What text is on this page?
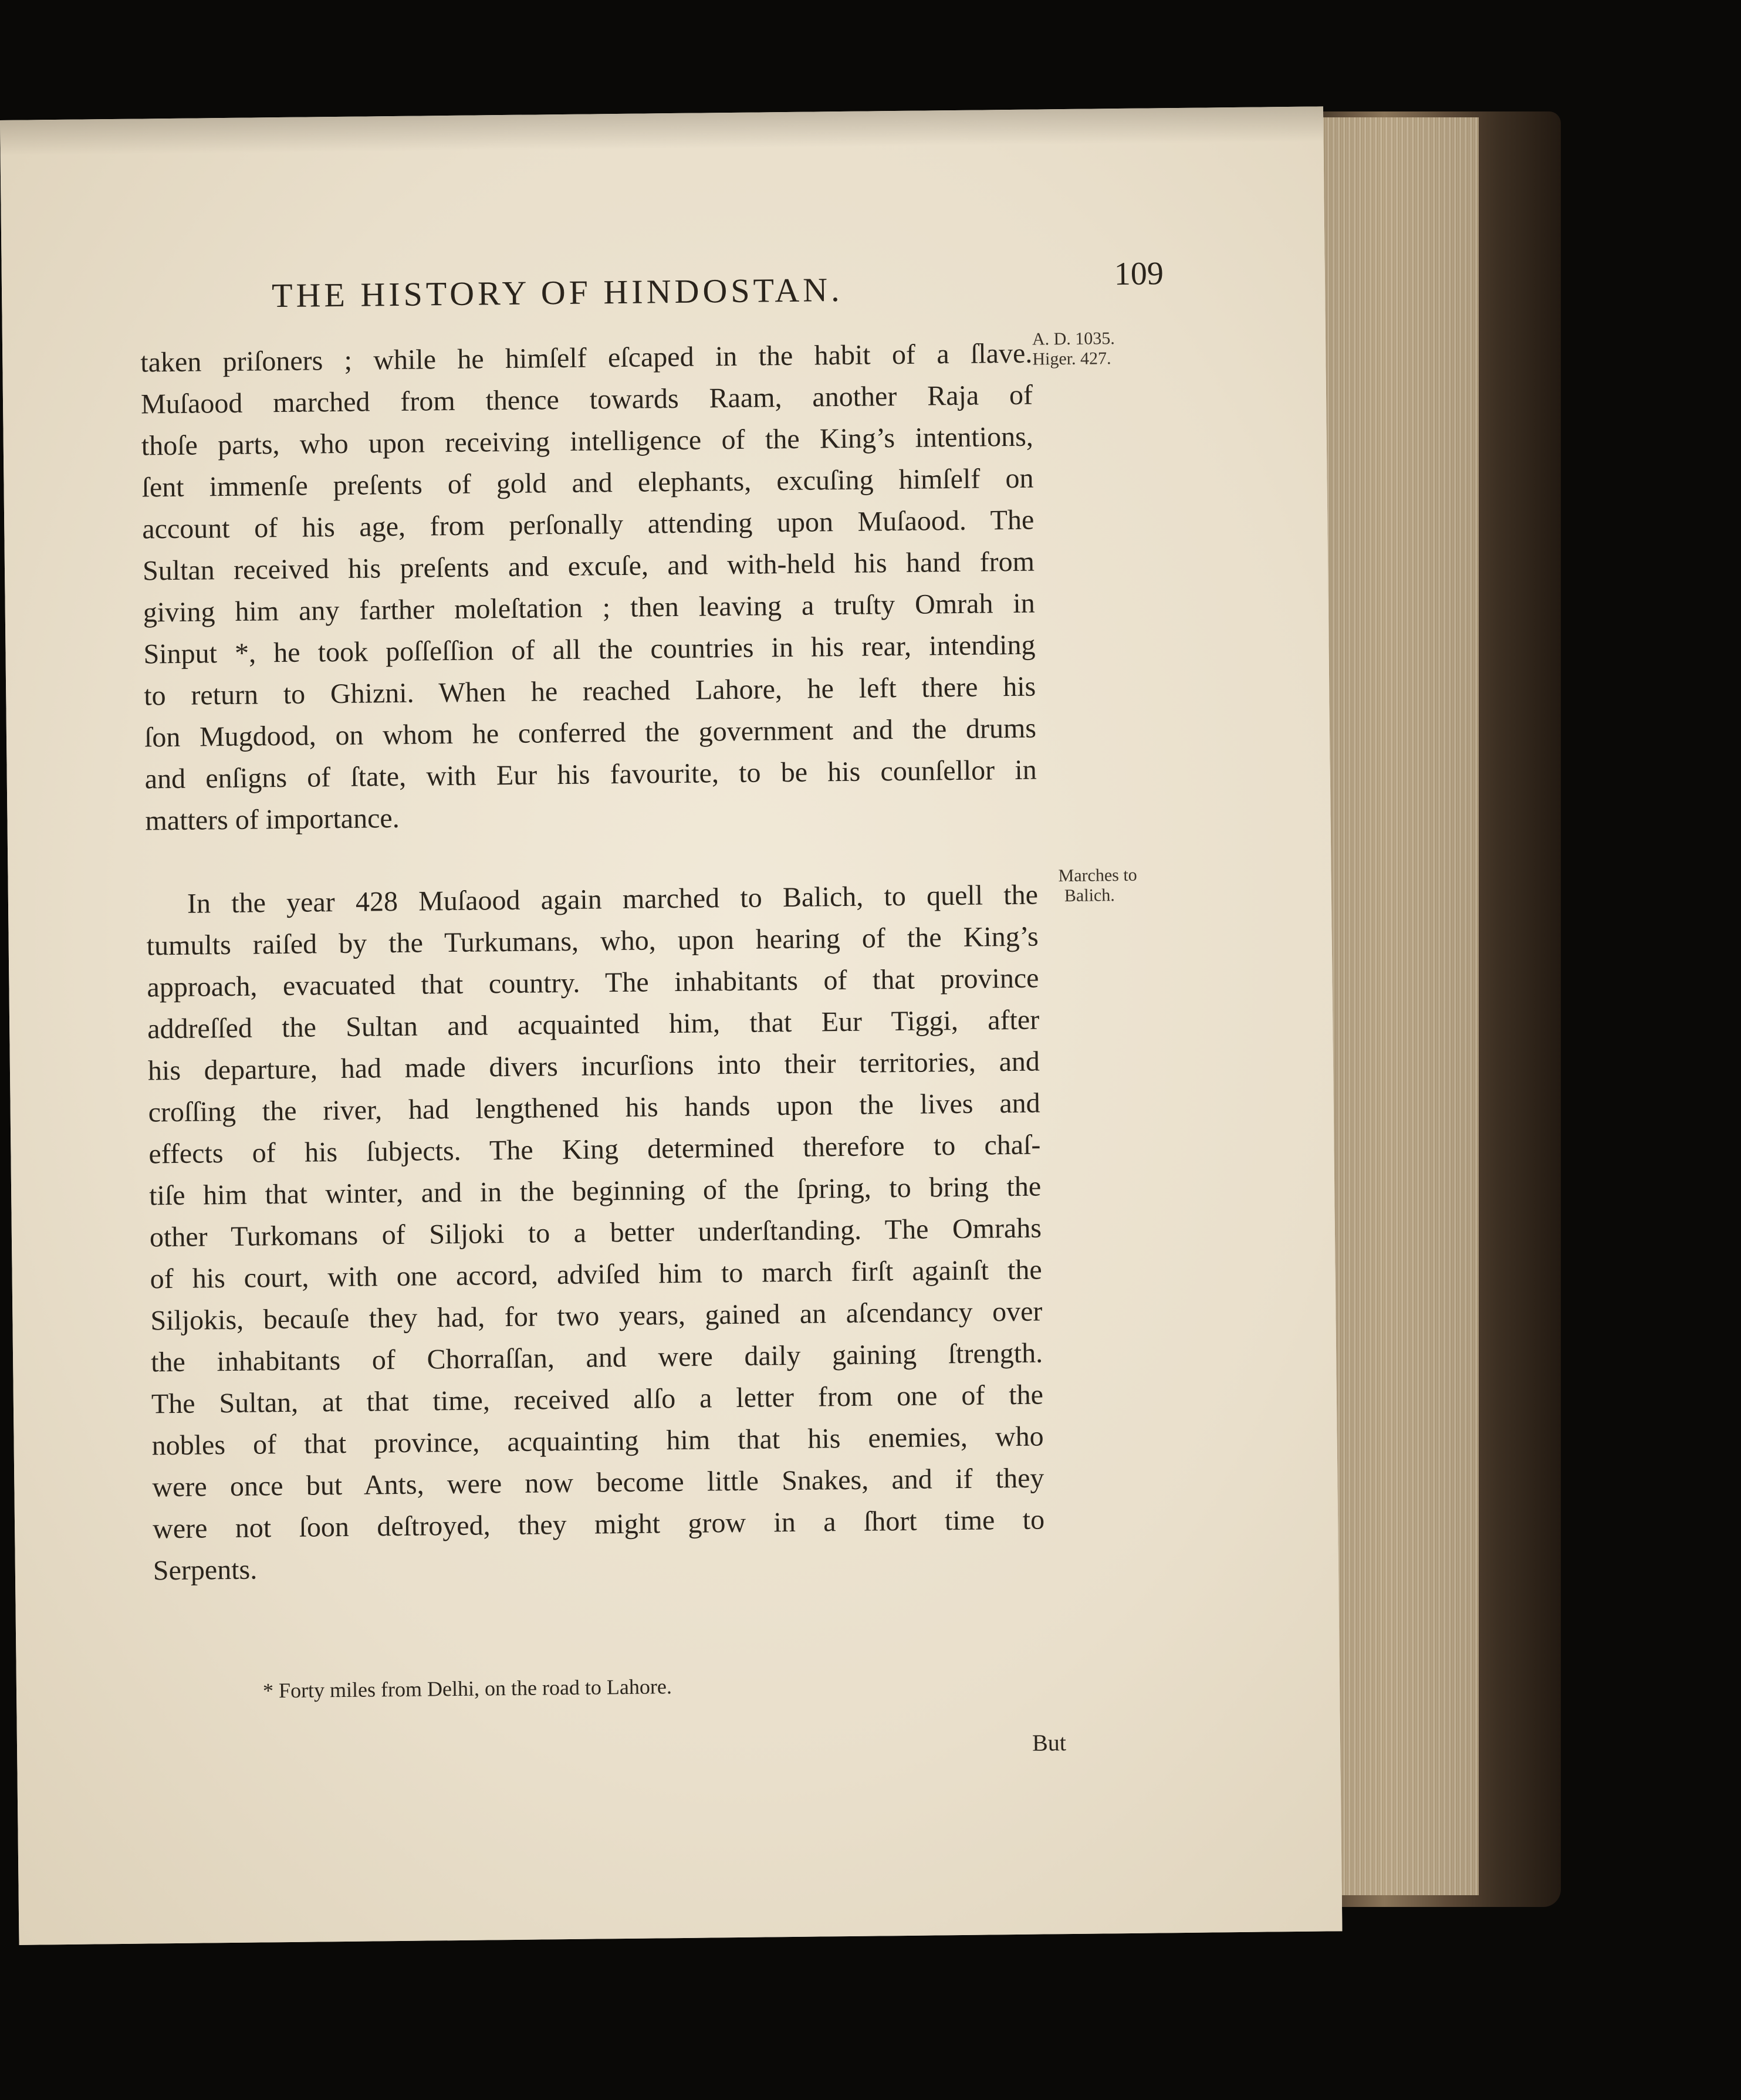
THE HISTORY OF HINDOSTAN.	109
A. D. 1035.
Higer. 427.
Marches to
Balich.
taken priſoners ; while he himſelf eſcaped in the habit of a ſlave.
Muſaood marched from thence towards Raam, another Raja of
thoſe parts, who upon receiving intelligence of the King’s intentions,
ſent immenſe preſents of gold and elephants, excuſing himſelf on
account of his age, from perſonally attending upon Muſaood. The
Sultan received his preſents and excuſe, and with-held his hand from
giving him any farther moleſtation ; then leaving a truſty Omrah in
Sinput *, he took poſſeſſion of all the countries in his rear, intending
to return to Ghizni. When he reached Lahore, he left there his
ſon Mugdood, on whom he conferred the government and the drums
and enſigns of ſtate, with Eur his favourite, to be his counſellor in
matters of importance.
In the year 428 Muſaood again marched to Balich, to quell the
tumults raiſed by the Turkumans, who, upon hearing of the King’s
approach, evacuated that country. The inhabitants of that province
addreſſed the Sultan and acquainted him, that Eur Tiggi, after
his departure, had made divers incurſions into their territories, and
croſſing the river, had lengthened his hands upon the lives and
effects of his ſubjects. The King determined therefore to chaſ-
tiſe him that winter, and in the beginning of the ſpring, to bring the
other Turkomans of Siljoki to a better underſtanding. The Omrahs
of his court, with one accord, adviſed him to march firſt againſt the
Siljokis, becauſe they had, for two years, gained an aſcendancy over
the inhabitants of Chorraſſan, and were daily gaining ſtrength.
The Sultan, at that time, received alſo a letter from one of the
nobles of that province, acquainting him that his enemies, who
were once but Ants, were now become little Snakes, and if they
were not ſoon deſtroyed, they might grow in a ſhort time to
Serpents.
* Forty miles from Delhi, on the road to Lahore.
But
